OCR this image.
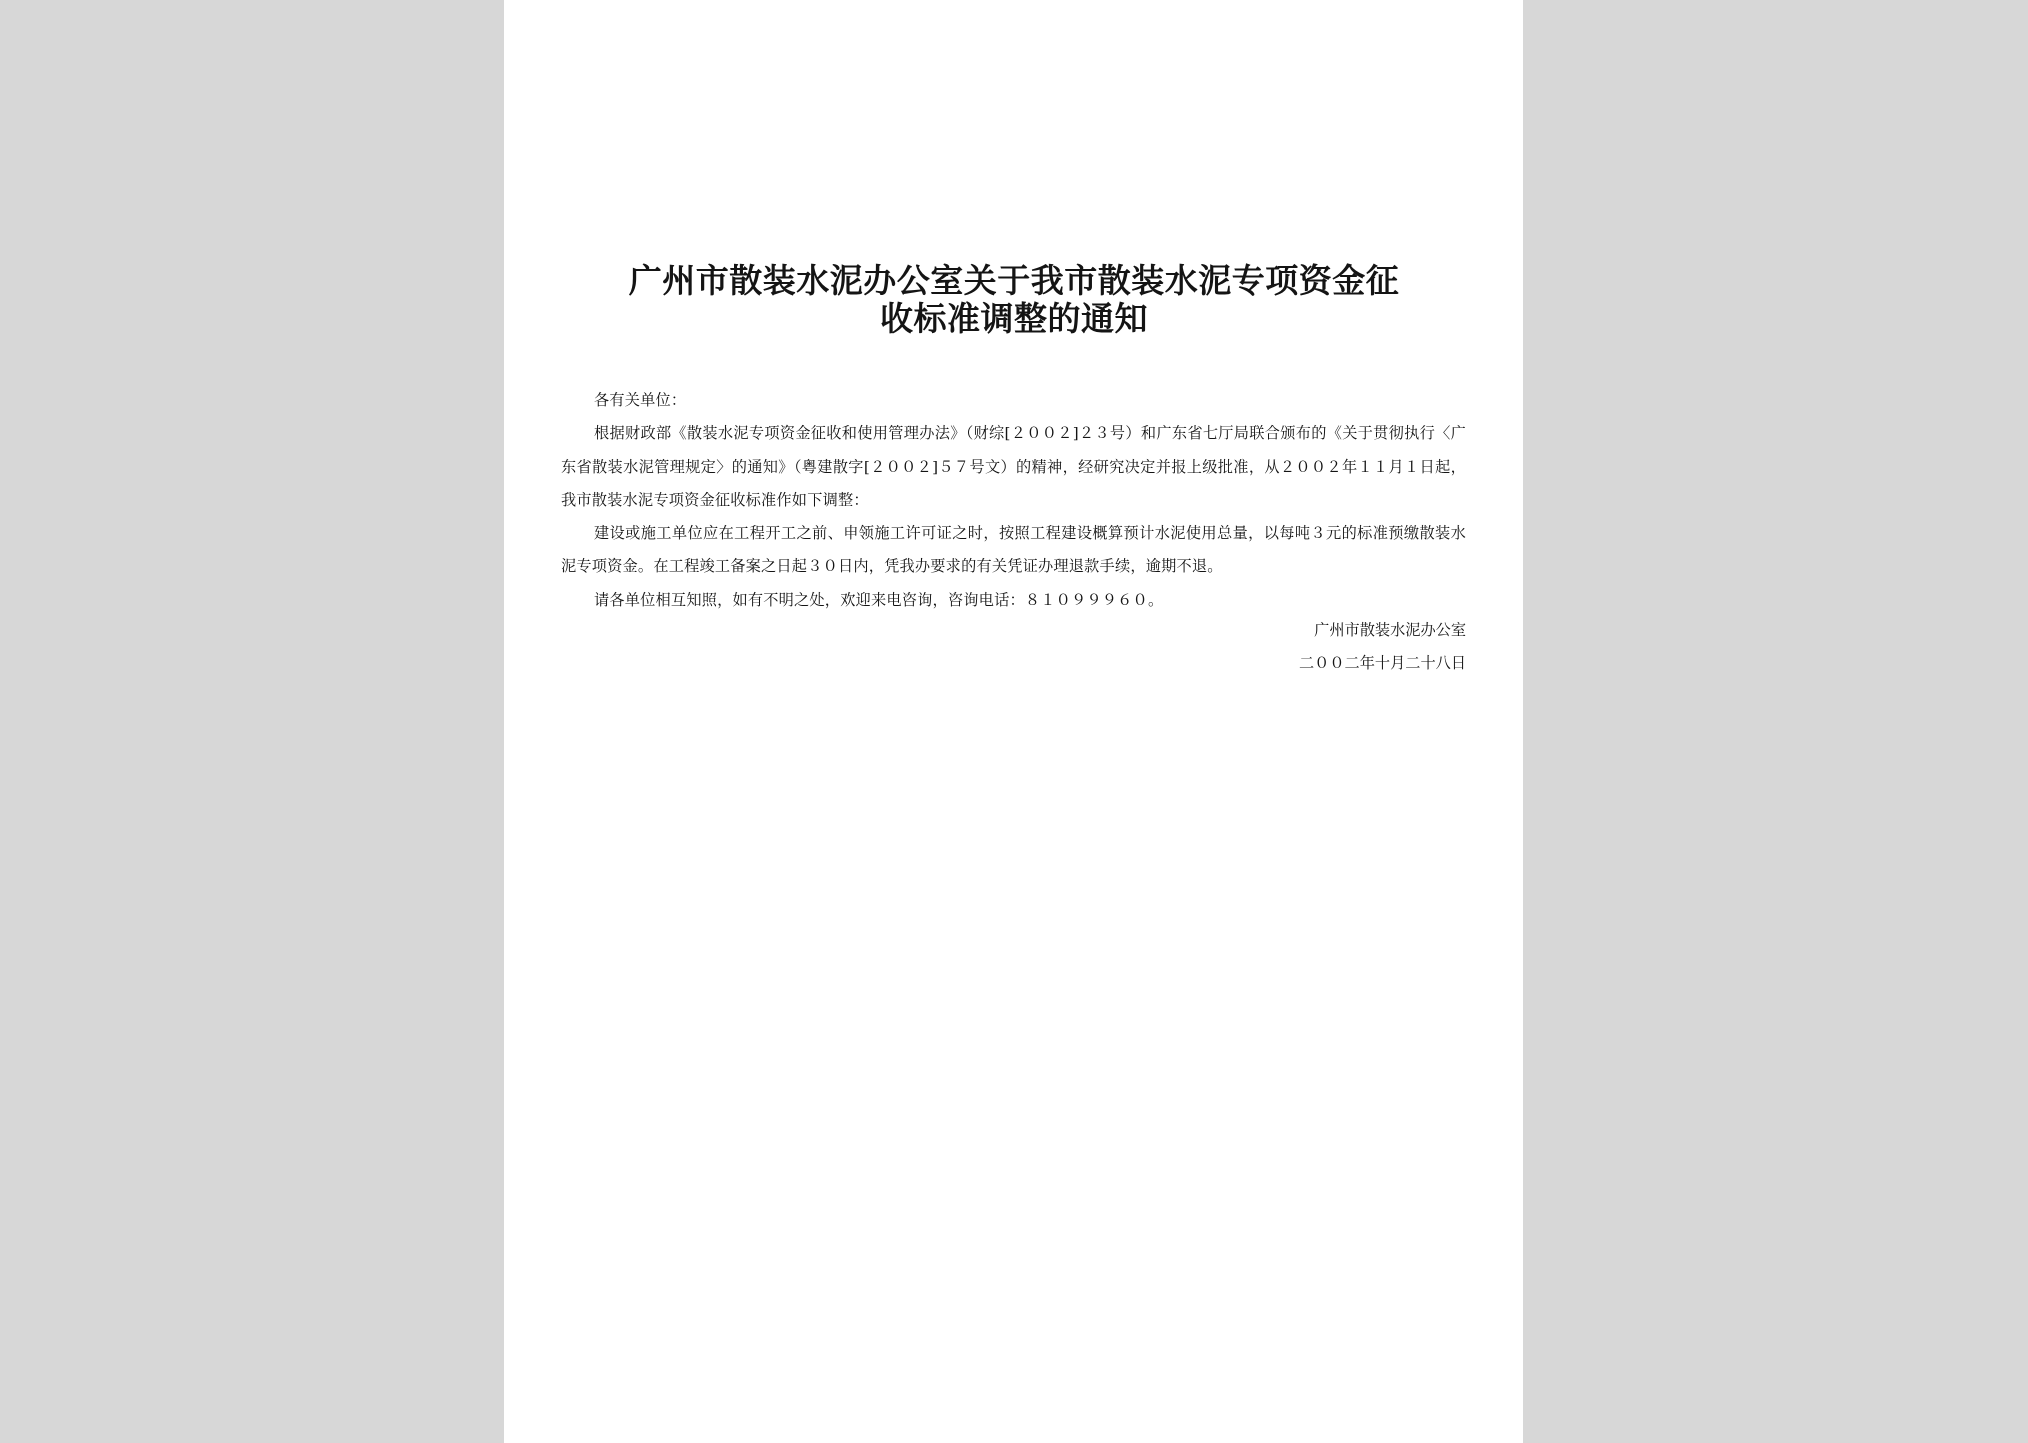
广州市散装水泥办公室关于我市散装水泥专项资金征
收标准调整的通知

各有关单位：

根据财政部《散装水泥专项资金征收和使用管理办法》（财综[２００２]２３号）和广东省七厅局联合颁布的《关于贯彻执行〈广东省散装水泥管理规定〉的通知》（粤建散字[２００２]５７号文）的精神，经研究决定并报上级批准，从２００２年１１月１日起，我市散装水泥专项资金征收标准作如下调整：

建设或施工单位应在工程开工之前、申领施工许可证之时，按照工程建设概算预计水泥使用总量，以每吨３元的标准预缴散装水泥专项资金。在工程竣工备案之日起３０日内，凭我办要求的有关凭证办理退款手续，逾期不退。

请各单位相互知照，如有不明之处，欢迎来电咨询，咨询电话：８１０９９９６０。

广州市散装水泥办公室
二００二年十月二十八日
